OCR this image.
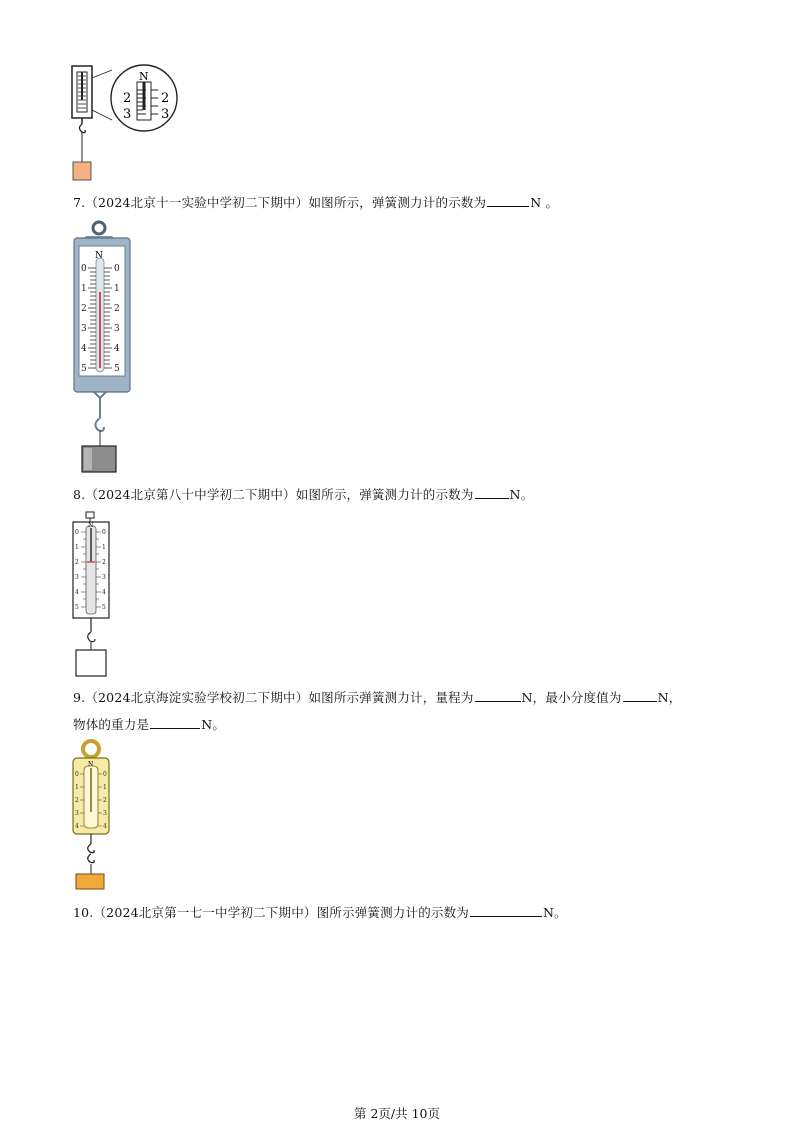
N
2
3
2
3
7.（2024北京十一实验中学初二下期中）如图所示，弹簧测力计的示数为	N 。
N
0
1
2
3
4
5
0
1
2
3
4
5
8.（2024北京第八十中学初二下期中）如图所示，弹簧测力计的示数为	N。
N
0
1
2
3
4
5
0
1
2
3
4
5
9.（2024北京海淀实验学校初二下期中）如图所示弹簧测力计，量程为	N，最小分度值为	N，
物体的重力是	N。
N
0
1
2
3
4
0
1
2
3
4
10.（2024北京第一七一中学初二下期中）图所示弹簧测力计的示数为	N。
第 2页/共 10页
